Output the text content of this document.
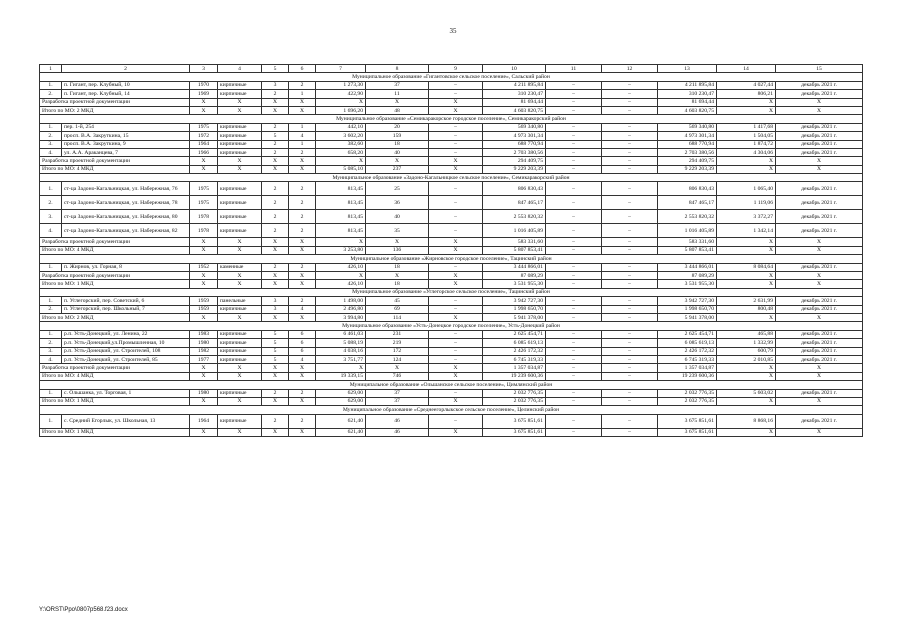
35
1	2	3	4	5	6	7	8	9	10	11	12	13	14	15
Муниципальное образование «Гигантовское сельское поселение», Сальский район														
1.	п. Гигант, пер. Клубный, 10	1970	кирпичные	3	2	1 273,30	37	–	4 211 895,84	–	–	4 211 895,84	4 027,44	декабрь 2021 г.
2.	п. Гигант, пер. Клубный, 14	1969	кирпичные	2	1	422,90	11	–	310 230,47	–	–	310 230,47	806,21	декабрь 2021 г.
Разработка проектной документации		X	X	X	X	X	X	X	81 694,44	–	–	81 694,44	X	X
Итого по МО: 2 МКД		X	X	X	X	1 696,20	48	X	4 603 820,75	–	–	4 603 820,75	X	X
Муниципальное образование «Семикаракорское городское поселение», Семикаракорский район														
1.	пер. 1-й, 254	1975	кирпичные	2	1	442,10	20	–	569 340,80	–	–	569 340,80	1 417,68	декабрь 2021 г.
2.	просп. В.А. Закруткина, 15	1972	кирпичные	5	4	3 602,20	159	–	4 973 301,34	–	–	4 973 301,34	1 504,05	декабрь 2021 г.
3.	просп. В.А. Закруткина, 9	1964	кирпичные	2	1	382,60	18	–	688 770,94	–	–	688 770,94	1 874,72	декабрь 2021 г.
4.	ул. А.А. Араканцева, 7	1966	кирпичные	2	2	658,20	40	–	2 703 380,56	–	–	2 703 380,56	4 304,06	декабрь 2021 г.
Разработка проектной документации		X	X	X	X	X	X	X	294 409,75	–	–	294 409,75	X	X
Итого по МО: 4 МКД		X	X	X	X	5 085,10	237	X	9 229 203,39	–	–	9 229 203,39	X	X
Муниципальное образование «Задоно-Кагальницкое сельское поселение», Семикаракорский район														
1.	ст-ца Задоно-Кагальницкая, ул. Набережная, 76	1975	кирпичные	2	2	813,45	25	–	806 830,43	–	–	806 830,43	1 065,40	декабрь 2021 г.
2.	ст-ца Задоно-Кагальницкая, ул. Набережная, 78	1975	кирпичные	2	2	813,45	36	–	847 465,17	–	–	847 465,17	1 119,06	декабрь 2021 г.
3.	ст-ца Задоно-Кагальницкая, ул. Набережная, 80	1978	кирпичные	2	2	813,45	40	–	2 553 820,32	–	–	2 553 820,32	3 372,27	декабрь 2021 г.
4.	ст-ца Задоно-Кагальницкая, ул. Набережная, 82	1978	кирпичные	2	2	813,45	35	–	1 016 405,89	–	–	1 016 405,89	1 342,14	декабрь 2021 г.
Разработка проектной документации		X	X	X	X	X	X	X	583 331,60	–	–	583 331,60	X	X
Итого по МО: 4 МКД		X	X	X	X	3 253,80	136	X	5 807 853,41	–	–	5 807 853,41	X	X
Муниципальное образование «Жирновское городское поселение», Тацинский район														
1.	п. Жирнов, ул. Горная, 8	1952	каменные	2	2	426,10	18	–	3 444 866,01	–	–	3 444 866,01	8 084,64	декабрь 2021 г.
Разработка проектной документации		X	X	X	X	X	X	X	87 089,29	–	–	87 089,29	X	X
Итого по МО: 1 МКД		X	X	X	X	426,10	18	X	3 531 955,30	–	–	3 531 955,30	X	X
Муниципальное образование «Углегорское сельское поселение», Тацинский район														
1.	п. Углегорский, пер. Советский, 6	1959	панельные	3	2	1 498,00	45	–	3 942 727,30	–	–	3 942 727,30	2 631,99	декабрь 2021 г.
2.	п. Углегорский, пер. Школьный, 7	1959	кирпичные	3	4	2 496,80	69	–	1 998 650,70	–	–	1 998 650,70	800,48	декабрь 2021 г.
Итого по МО: 2 МКД		X	X	X	X	3 994,80	114	X	5 941 378,00	–	–	5 941 378,00	X	X
Муниципальное образование «Усть-Донецкое городское поселение», Усть-Донецкий район														
1.	р.п. Усть-Донецкий, ул. Ленина, 22	1983	кирпичные	5	6	6 461,03	231	–	2 625 454,71	–	–	2 625 454,71	465,88	декабрь 2021 г.
2.	р.п. Усть-Донецкий,ул.Промышленная, 10	1980	кирпичные	5	6	5 088,19	219	–	6 085 619,13	–	–	6 085 619,13	1 332,99	декабрь 2021 г.
3.	р.п. Усть-Донецкий, ул. Строителей, 108	1982	кирпичные	5	6	4 038,16	172	–	2 426 172,32	–	–	2 426 172,32	600,79	декабрь 2021 г.
4.	р.п. Усть-Донецкий, ул. Строителей, 85	1977	кирпичные	5	4	3 751,77	124	–	6 745 319,33	–	–	6 745 319,33	2 010,85	декабрь 2021 г.
Разработка проектной документации		X	X	X	X	X	X	X	1 357 034,87	–	–	1 357 034,87	X	X
Итого по МО: 4 МКД		X	X	X	X	19 339,15	746	X	19 239 600,36	–	–	19 239 600,36	X	X
Муниципальное образование «Ольшанское сельское поселение», Цимлянский район														
1.	с. Ольшанка, ул. Торговая, 1	1980	кирпичные	2	2	629,00	37	–	2 032 776,35	–	–	2 032 776,35	5 603,02	декабрь 2021 г.
Итого по МО: 1 МКД		X	X	X	X	629,00	37	X	2 032 776,35	–	–	2 032 776,35	X	X
Муниципальное образование «Среднеегорлыкское сельское поселение», Целинский район														
1.	с. Средний Егорлык, ул. Школьная, 13	1964	кирпичные	2	2	621,40	46	–	3 675 851,61	–	–	3 675 851,61	8 868,16	декабрь 2021 г.
Итого по МО: 1 МКД		X	X	X	X	621,40	46	X	3 675 851,61	–	–	3 675 851,61	X	X
Y:\ORST\Ppo\0807p568.f23.docx
